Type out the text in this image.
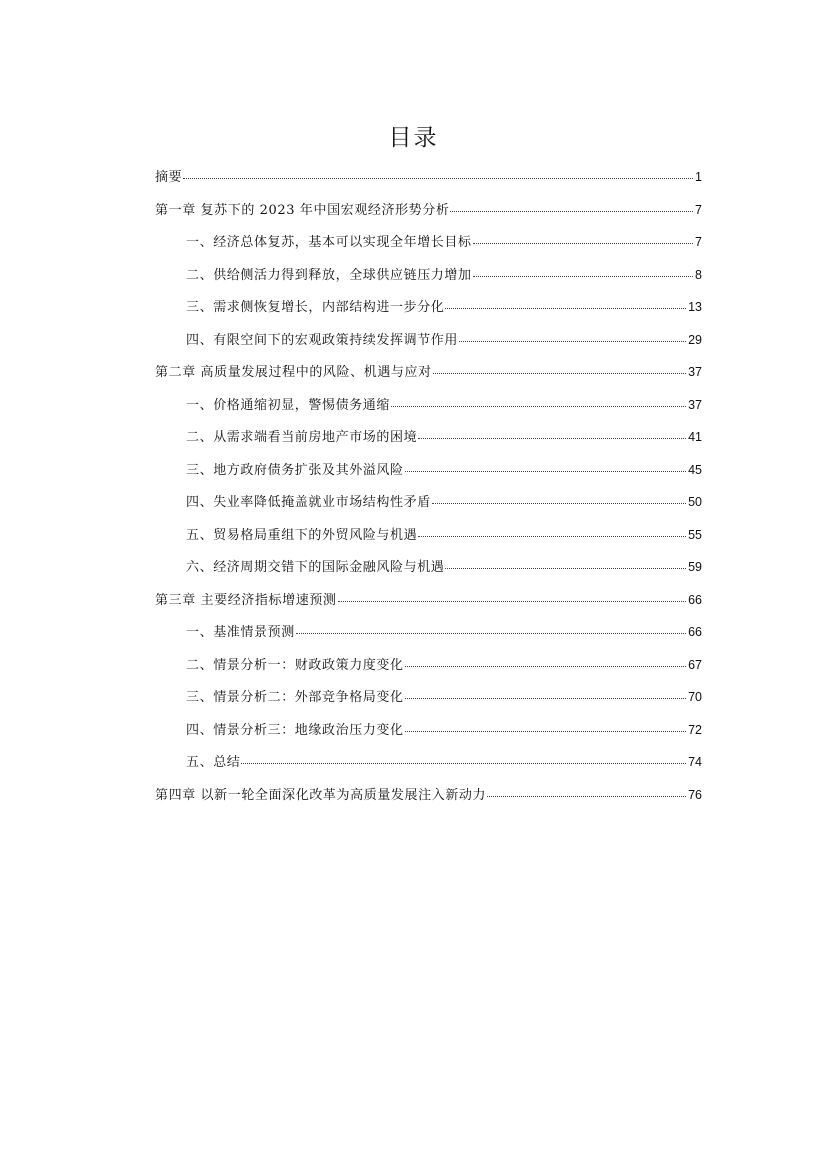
目录
摘要	1
第一章 复苏下的 2023 年中国宏观经济形势分析	7
一、经济总体复苏，基本可以实现全年增长目标	7
二、供给侧活力得到释放，全球供应链压力增加	8
三、需求侧恢复增长，内部结构进一步分化	13
四、有限空间下的宏观政策持续发挥调节作用	29
第二章 高质量发展过程中的风险、机遇与应对	37
一、价格通缩初显，警惕债务通缩	37
二、从需求端看当前房地产市场的困境	41
三、地方政府债务扩张及其外溢风险	45
四、失业率降低掩盖就业市场结构性矛盾	50
五、贸易格局重组下的外贸风险与机遇	55
六、经济周期交错下的国际金融风险与机遇	59
第三章 主要经济指标增速预测	66
一、基准情景预测	66
二、情景分析一：财政政策力度变化	67
三、情景分析二：外部竞争格局变化	70
四、情景分析三：地缘政治压力变化	72
五、总结	74
第四章 以新一轮全面深化改革为高质量发展注入新动力	76
